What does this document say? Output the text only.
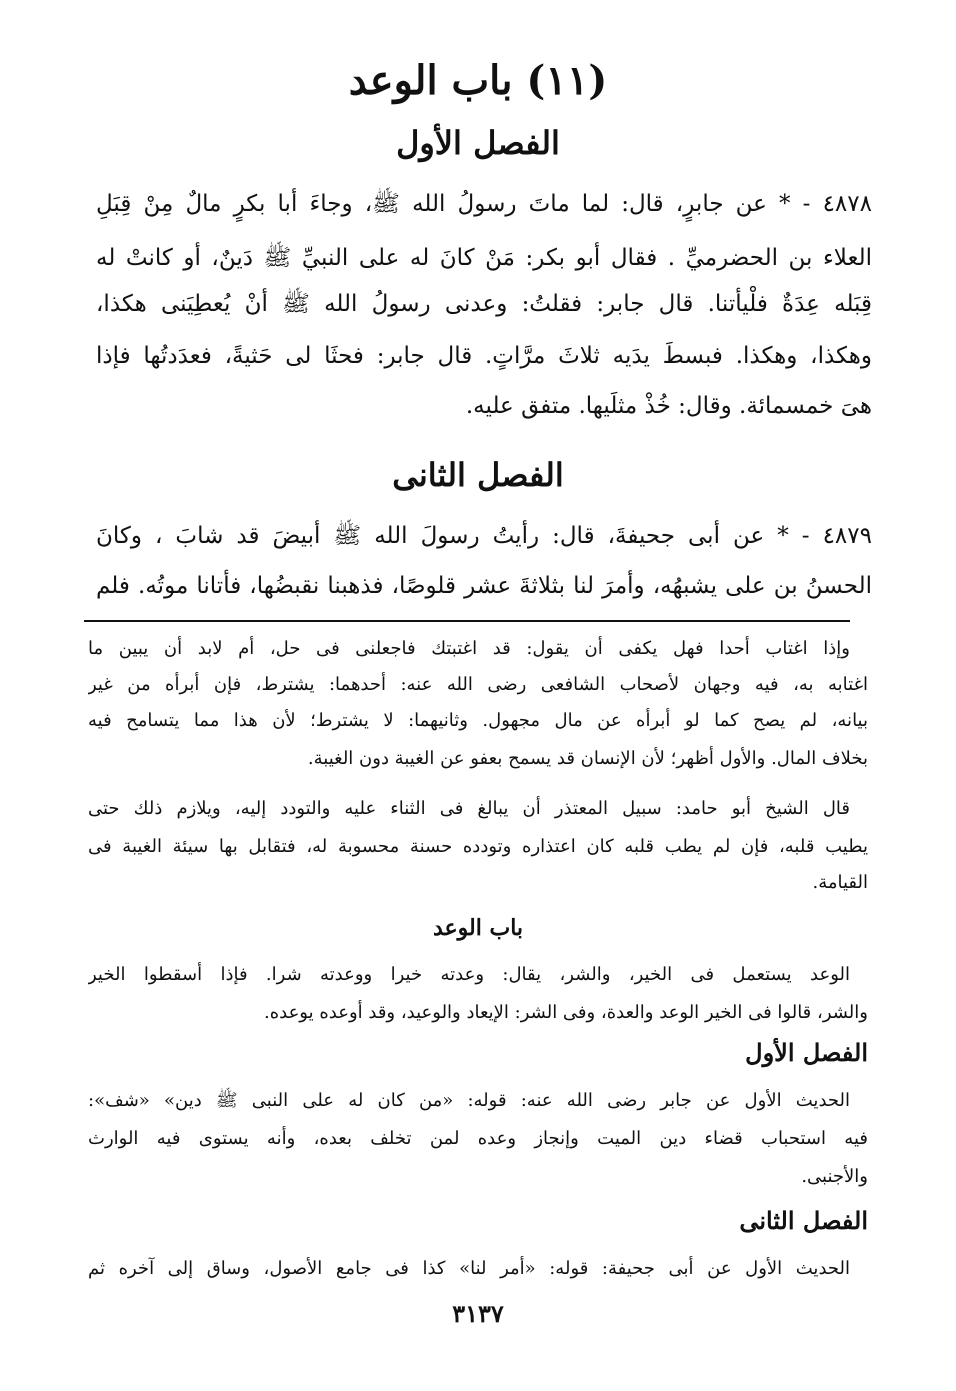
(١١) باب الوعد
الفصل الأول
٤٨٧٨ - * عن جابرٍ، قال: لما ماتَ رسولُ الله ﷺ، وجاءَ أبا بكرٍ مالٌ مِنْ قِبَلِ
العلاء بن الحضرميِّ . فقال أبو بكر: مَنْ كانَ له على النبيِّ ﷺ دَينٌ، أو كانتْ له
قِبَله عِدَةٌ فلْيأتنا. قال جابر: فقلتُ: وعدنى رسولُ الله ﷺ أنْ يُعطِيَنى هكذا،
وهكذا، وهكذا. فبسطَ يدَيه ثلاثَ مرَّاتٍ. قال جابر: فحثَا لى حَثيةً، فعدَدتُها فإذا
هىَ خمسمائة. وقال: خُذْ مثلَيها. متفق عليه.
الفصل الثانى
٤٨٧٩ - * عن أبى جحيفةَ، قال: رأيتُ رسولَ الله ﷺ أبيضَ قد شابَ ، وكانَ
الحسنُ بن على يشبهُه، وأمرَ لنا بثلاثةَ عشر قلوصًا، فذهبنا نقبضُها، فأتانا موتُه. فلم
وإذا اغتاب أحدا فهل يكفى أن يقول: قد اغتبتك فاجعلنى فى حل، أم لابد أن يبين ما
اغتابه به، فيه وجهان لأصحاب الشافعى رضى الله عنه: أحدهما: يشترط، فإن أبرأه من غير
بيانه، لم يصح كما لو أبرأه عن مال مجهول. وثانيهما: لا يشترط؛ لأن هذا مما يتسامح فيه
بخلاف المال. والأول أظهر؛ لأن الإنسان قد يسمح بعفو عن الغيبة دون الغيبة.
قال الشيخ أبو حامد: سبيل المعتذر أن يبالغ فى الثناء عليه والتودد إليه، ويلازم ذلك حتى
يطيب قلبه، فإن لم يطب قلبه كان اعتذاره وتودده حسنة محسوبة له، فتقابل بها سيئة الغيبة فى
القيامة.
باب الوعد
الوعد يستعمل فى الخير، والشر، يقال: وعدته خيرا ووعدته شرا. فإذا أسقطوا الخير
والشر، قالوا فى الخير الوعد والعدة، وفى الشر: الإيعاد والوعيد، وقد أوعده يوعده.
الفصل الأول
الحديث الأول عن جابر رضى الله عنه: قوله: «من كان له على النبى ﷺ دين» «شف»:
فيه استحباب قضاء دين الميت وإنجاز وعده لمن تخلف بعده، وأنه يستوى فيه الوارث
والأجنبى.
الفصل الثانى
الحديث الأول عن أبى جحيفة: قوله: «أمر لنا» كذا فى جامع الأصول، وساق إلى آخره ثم
٣١٣٧
